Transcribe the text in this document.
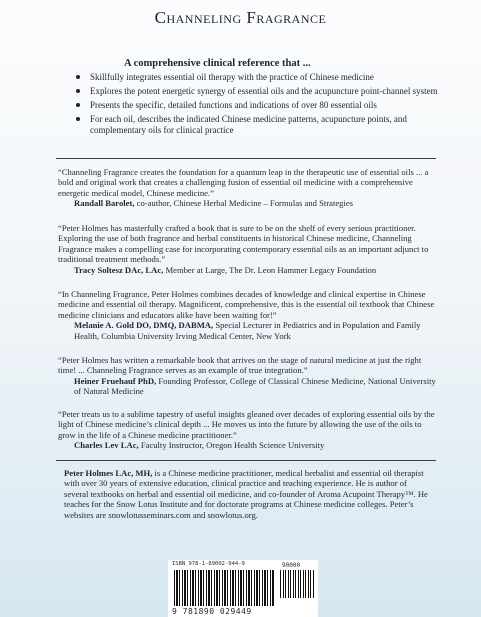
Channeling Fragrance
A comprehensive clinical reference that ...
Skillfully integrates essential oil therapy with the practice of Chinese medicine
Explores the potent energetic synergy of essential oils and the acupuncture point-channel system
Presents the specific, detailed functions and indications of over 80 essential oils
For each oil, describes the indicated Chinese medicine patterns, acupuncture points, and complementary oils for clinical practice
“Channeling Fragrance creates the foundation for a quantum leap in the therapeutic use of essential oils ... a bold and original work that creates a challenging fusion of essential oil medicine with a comprehensive energetic medical model, Chinese medicine.”
Randall Barolet, co-author, Chinese Herbal Medicine – Formulas and Strategies
“Peter Holmes has masterfully crafted a book that is sure to be on the shelf of every serious practitioner. Exploring the use of both fragrance and herbal constituents in historical Chinese medicine, Channeling Fragrance makes a compelling case for incorporating contemporary essential oils as an important adjunct to traditional treatment methods.”
Tracy Soltesz DAc, LAc, Member at Large, The Dr. Leon Hammer Legacy Foundation
“In Channeling Fragrance, Peter Holmes combines decades of knowledge and clinical expertise in Chinese medicine and essential oil therapy. Magnificent, comprehensive, this is the essential oil textbook that Chinese medicine clinicians and educators alike have been waiting for!”
Melanie A. Gold DO, DMQ, DABMA, Special Lecturer in Pediatrics and in Population and Family Health, Columbia University Irving Medical Center, New York
“Peter Holmes has written a remarkable book that arrives on the stage of natural medicine at just the right time! ... Channeling Fragrance serves as an example of true integration.”
Heiner Fruehauf PhD, Founding Professor, College of Classical Chinese Medicine, National University of Natural Medicine
“Peter treats us to a sublime tapestry of useful insights gleaned over decades of exploring essential oils by the light of Chinese medicine’s clinical depth ... He moves us into the future by allowing the use of the oils to grow in the life of a Chinese medicine practitioner.”
Charles Lev LAc, Faculty Instructor, Oregon Health Science University
Peter Holmes LAc, MH, is a Chinese medicine practitioner, medical herbalist and essential oil therapist with over 30 years of extensive education, clinical practice and teaching experience. He is author of several textbooks on herbal and essential oil medicine, and co-founder of Aroma Acupoint Therapy™. He teaches for the Snow Lotus Institute and for doctorate programs at Chinese medicine colleges. Peter’s websites are snowlotusseminars.com and snowlotus.org.
ISBN 978-1-89002-944-9	90000
9 781890 029449
